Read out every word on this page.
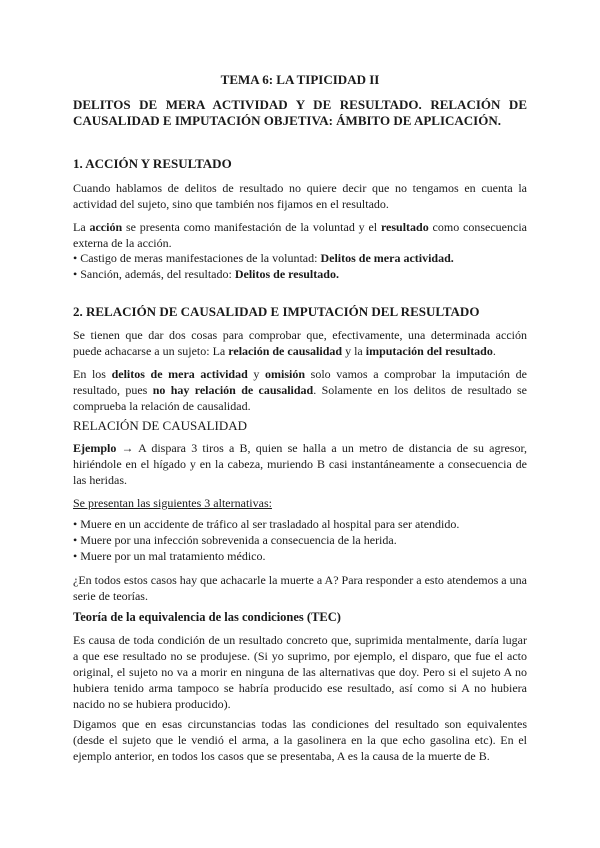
TEMA 6: LA TIPICIDAD II
DELITOS DE MERA ACTIVIDAD Y DE RESULTADO. RELACIÓN DE CAUSALIDAD E IMPUTACIÓN OBJETIVA: ÁMBITO DE APLICACIÓN.
1. ACCIÓN Y RESULTADO
Cuando hablamos de delitos de resultado no quiere decir que no tengamos en cuenta la actividad del sujeto, sino que también nos fijamos en el resultado.
La acción se presenta como manifestación de la voluntad y el resultado como consecuencia externa de la acción.
• Castigo de meras manifestaciones de la voluntad: Delitos de mera actividad.
• Sanción, además, del resultado: Delitos de resultado.
2. RELACIÓN DE CAUSALIDAD E IMPUTACIÓN DEL RESULTADO
Se tienen que dar dos cosas para comprobar que, efectivamente, una determinada acción puede achacarse a un sujeto: La relación de causalidad y la imputación del resultado.
En los delitos de mera actividad y omisión solo vamos a comprobar la imputación de resultado, pues no hay relación de causalidad. Solamente en los delitos de resultado se comprueba la relación de causalidad.
RELACIÓN DE CAUSALIDAD
Ejemplo → A dispara 3 tiros a B, quien se halla a un metro de distancia de su agresor, hiriéndole en el hígado y en la cabeza, muriendo B casi instantáneamente a consecuencia de las heridas.
Se presentan las siguientes 3 alternativas:
• Muere en un accidente de tráfico al ser trasladado al hospital para ser atendido.
• Muere por una infección sobrevenida a consecuencia de la herida.
• Muere por un mal tratamiento médico.
¿En todos estos casos hay que achacarle la muerte a A? Para responder a esto atendemos a una serie de teorías.
Teoría de la equivalencia de las condiciones (TEC)
Es causa de toda condición de un resultado concreto que, suprimida mentalmente, daría lugar a que ese resultado no se produjese. (Si yo suprimo, por ejemplo, el disparo, que fue el acto original, el sujeto no va a morir en ninguna de las alternativas que doy. Pero si el sujeto A no hubiera tenido arma tampoco se habría producido ese resultado, así como si A no hubiera nacido no se hubiera producido).
Digamos que en esas circunstancias todas las condiciones del resultado son equivalentes (desde el sujeto que le vendió el arma, a la gasolinera en la que echo gasolina etc). En el ejemplo anterior, en todos los casos que se presentaba, A es la causa de la muerte de B.
